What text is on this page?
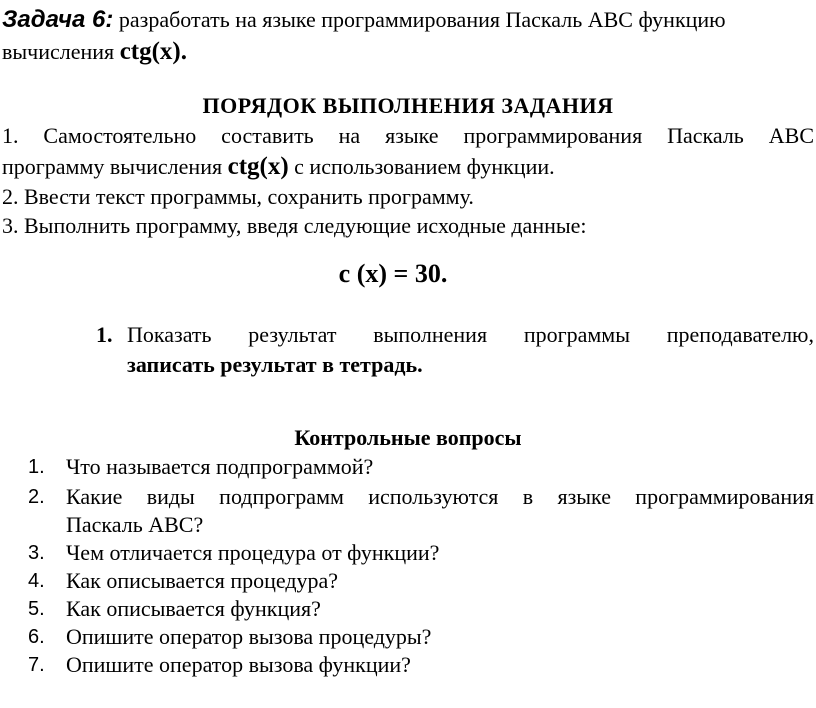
Задача 6: разработать на языке программирования Паскаль ABC функцию
вычисления ctg(x).
ПОРЯДОК ВЫПОЛНЕНИЯ ЗАДАНИЯ
1. Самостоятельно составить на языке программирования Паскаль ABC
программу вычисления ctg(x) с использованием функции.
2. Ввести текст программы, сохранить программу.
3. Выполнить программу, введя следующие исходные данные:
c (x) = 30.
1. Показать результат выполнения программы преподавателю,
записать результат в тетрадь.
Контрольные вопросы
1. Что называется подпрограммой?
2. Какие виды подпрограмм используются в языке программирования
Паскаль ABC?
3. Чем отличается процедура от функции?
4. Как описывается процедура?
5. Как описывается функция?
6. Опишите оператор вызова процедуры?
7. Опишите оператор вызова функции?
